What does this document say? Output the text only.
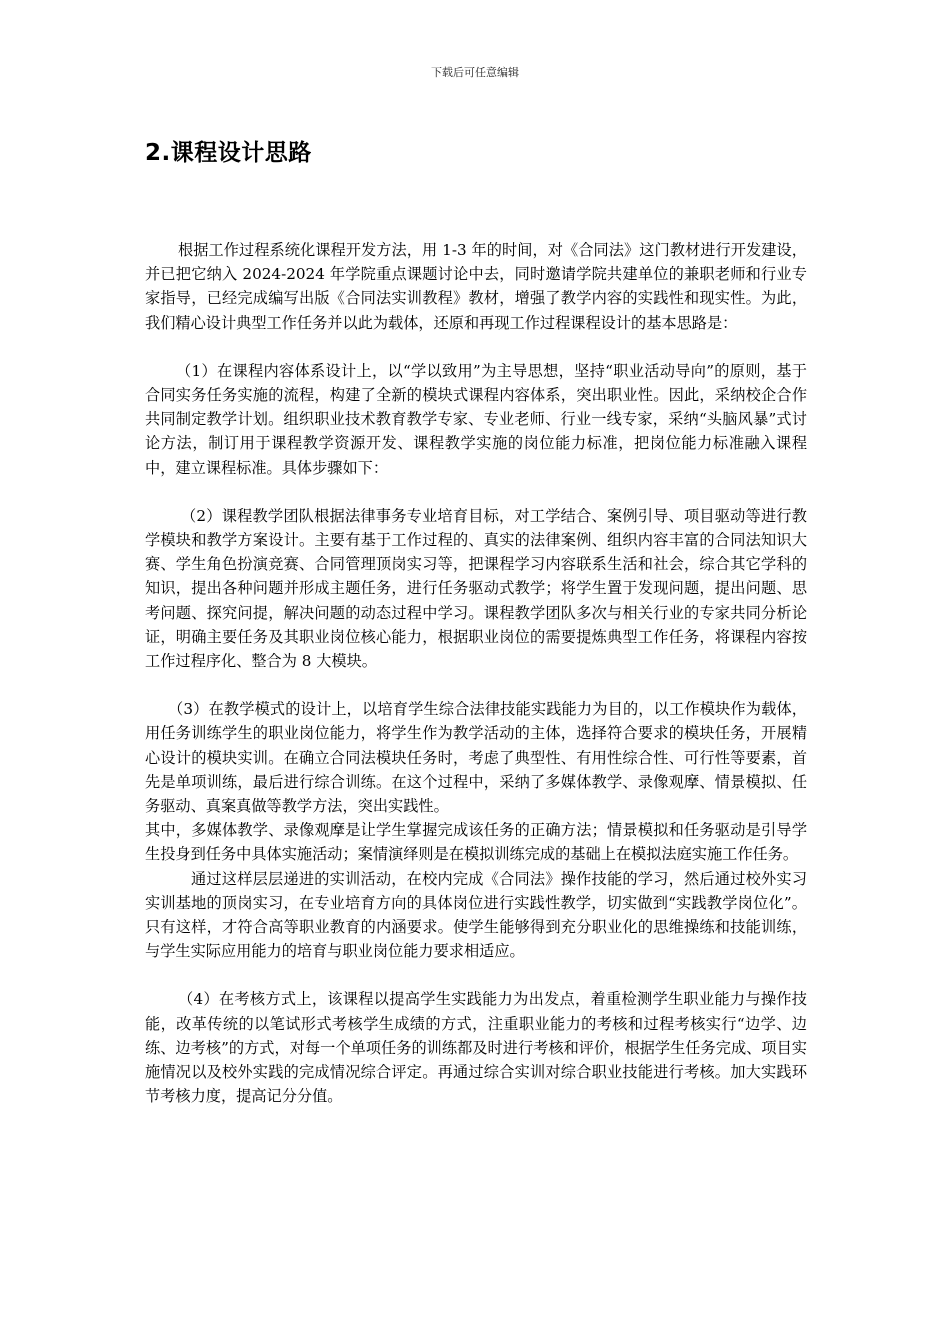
下载后可任意编辑
2.课程设计思路

根据工作过程系统化课程开发方法，用 1-3 年的时间，对《合同法》这门教材进行开发建设，并已把它纳入 2024-2024 年学院重点课题讨论中去，同时邀请学院共建单位的兼职老师和行业专家指导，已经完成编写出版《合同法实训教程》教材，增强了教学内容的实践性和现实性。为此，我们精心设计典型工作任务并以此为载体，还原和再现工作过程课程设计的基本思路是：

（1）在课程内容体系设计上，以“学以致用”为主导思想，坚持“职业活动导向”的原则，基于合同实务任务实施的流程，构建了全新的模块式课程内容体系，突出职业性。因此，采纳校企合作共同制定教学计划。组织职业技术教育教学专家、专业老师、行业一线专家，采纳“头脑风暴”式讨论方法，制订用于课程教学资源开发、课程教学实施的岗位能力标准，把岗位能力标准融入课程中，建立课程标准。具体步骤如下：

（2）课程教学团队根据法律事务专业培育目标，对工学结合、案例引导、项目驱动等进行教学模块和教学方案设计。主要有基于工作过程的、真实的法律案例、组织内容丰富的合同法知识大赛、学生角色扮演竞赛、合同管理顶岗实习等，把课程学习内容联系生活和社会，综合其它学科的知识，提出各种问题并形成主题任务，进行任务驱动式教学；将学生置于发现问题，提出问题、思考问题、探究问提，解决问题的动态过程中学习。课程教学团队多次与相关行业的专家共同分析论证，明确主要任务及其职业岗位核心能力，根据职业岗位的需要提炼典型工作任务，将课程内容按工作过程序化、整合为 8 大模块。

（3）在教学模式的设计上，以培育学生综合法律技能实践能力为目的，以工作模块作为载体，用任务训练学生的职业岗位能力，将学生作为教学活动的主体，选择符合要求的模块任务，开展精心设计的模块实训。在确立合同法模块任务时，考虑了典型性、有用性综合性、可行性等要素，首先是单项训练，最后进行综合训练。在这个过程中，采纳了多媒体教学、录像观摩、情景模拟、任务驱动、真案真做等教学方法，突出实践性。

其中，多媒体教学、录像观摩是让学生掌握完成该任务的正确方法；情景模拟和任务驱动是引导学生投身到任务中具体实施活动；案情演绎则是在模拟训练完成的基础上在模拟法庭实施工作任务。

通过这样层层递进的实训活动，在校内完成《合同法》操作技能的学习，然后通过校外实习实训基地的顶岗实习，在专业培育方向的具体岗位进行实践性教学，切实做到“实践教学岗位化”。只有这样，才符合高等职业教育的内涵要求。使学生能够得到充分职业化的思维操练和技能训练，与学生实际应用能力的培育与职业岗位能力要求相适应。

（4）在考核方式上，该课程以提高学生实践能力为出发点，着重检测学生职业能力与操作技能，改革传统的以笔试形式考核学生成绩的方式，注重职业能力的考核和过程考核实行“边学、边练、边考核”的方式，对每一个单项任务的训练都及时进行考核和评价，根据学生任务完成、项目实施情况以及校外实践的完成情况综合评定。再通过综合实训对综合职业技能进行考核。加大实践环节考核力度，提高记分分值。
